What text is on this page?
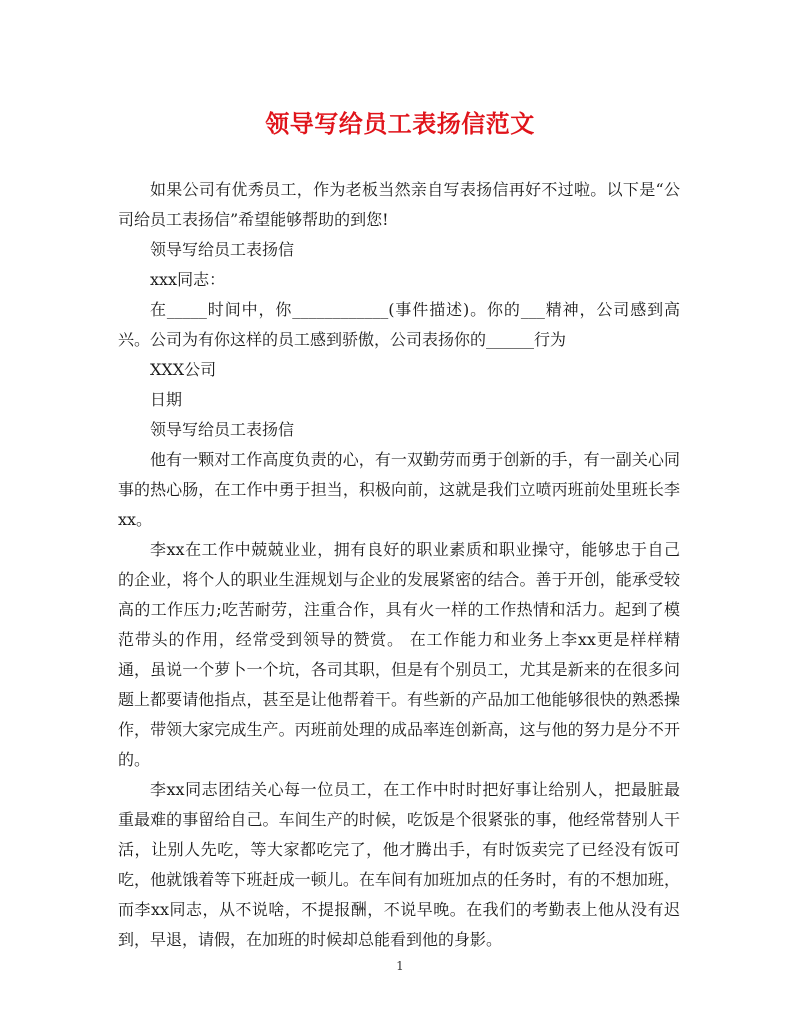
领导写给员工表扬信范文

如果公司有优秀员工，作为老板当然亲自写表扬信再好不过啦。以下是“公司给员工表扬信”希望能够帮助的到您!

领导写给员工表扬信

xxx同志：

在_____时间中，你____________(事件描述)。你的___精神，公司感到高兴。公司为有你这样的员工感到骄傲，公司表扬你的______行为

XXX公司

日期

领导写给员工表扬信

他有一颗对工作高度负责的心，有一双勤劳而勇于创新的手，有一副关心同事的热心肠，在工作中勇于担当，积极向前，这就是我们立喷丙班前处里班长李xx。

李xx在工作中兢兢业业，拥有良好的职业素质和职业操守，能够忠于自己的企业，将个人的职业生涯规划与企业的发展紧密的结合。善于开创，能承受较高的工作压力;吃苦耐劳，注重合作，具有火一样的工作热情和活力。起到了模范带头的作用，经常受到领导的赞赏。 在工作能力和业务上李xx更是样样精通，虽说一个萝卜一个坑，各司其职，但是有个别员工，尤其是新来的在很多问题上都要请他指点，甚至是让他帮着干。有些新的产品加工他能够很快的熟悉操作，带领大家完成生产。丙班前处理的成品率连创新高，这与他的努力是分不开的。

李xx同志团结关心每一位员工，在工作中时时把好事让给别人，把最脏最重最难的事留给自己。车间生产的时候，吃饭是个很紧张的事，他经常替别人干活，让别人先吃，等大家都吃完了，他才腾出手，有时饭卖完了已经没有饭可吃，他就饿着等下班赶成一顿儿。在车间有加班加点的任务时，有的不想加班，而李xx同志，从不说啥，不提报酬，不说早晚。在我们的考勤表上他从没有迟到，早退，请假，在加班的时候却总能看到他的身影。

1
